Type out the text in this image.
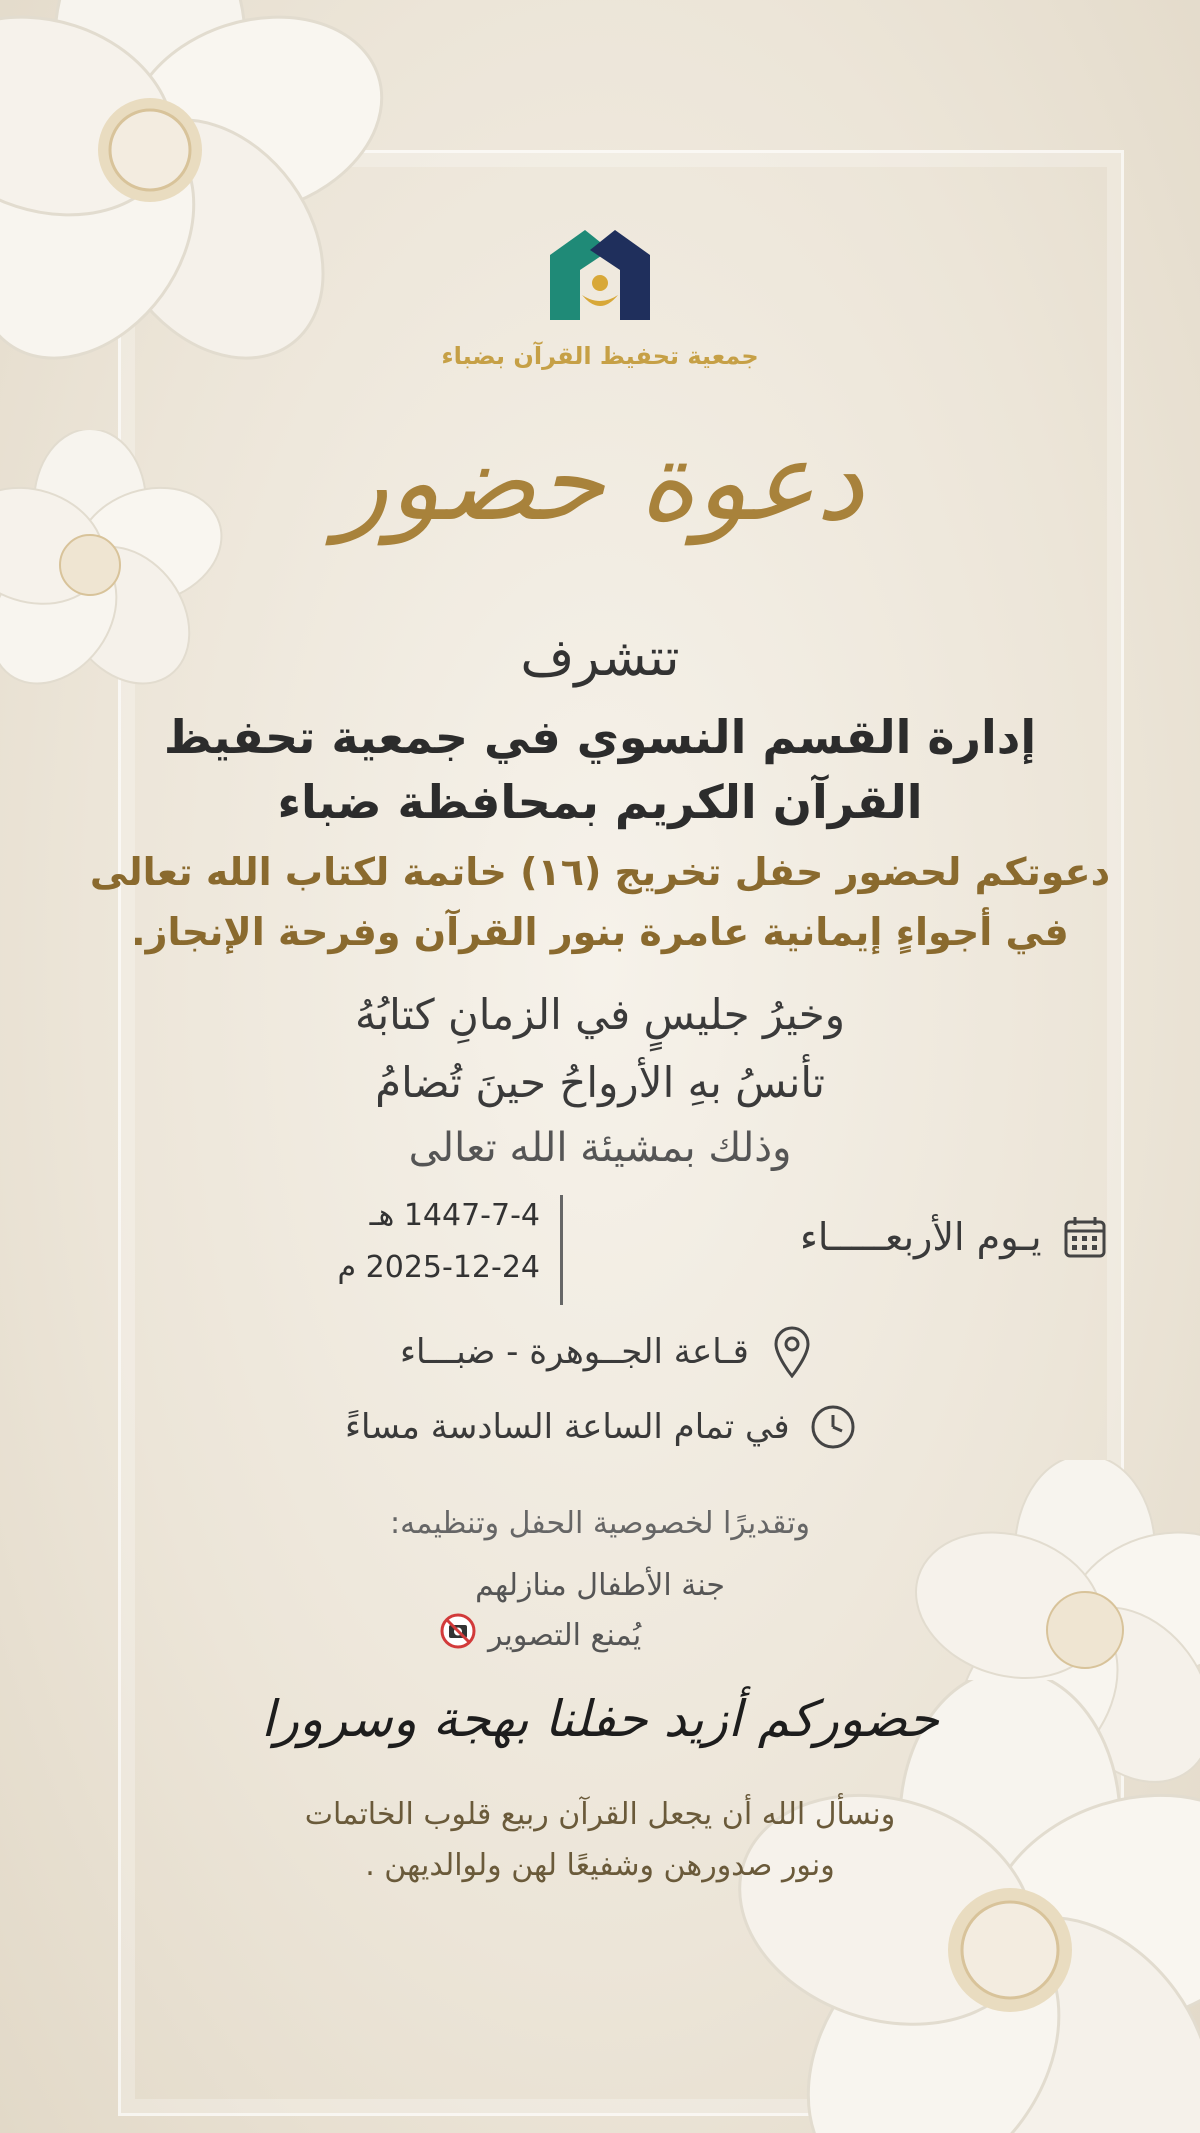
جمعية تحفيظ القرآن بضباء
دعوة حضور
تتشرف
إدارة القسم النسوي في جمعية تحفيظ
القرآن الكريم بمحافظة ضباء
دعوتكم لحضور حفل تخريج (١٦) خاتمة لكتاب الله تعالى
في أجواءٍ إيمانية عامرة بنور القرآن وفرحة الإنجاز.
وخيرُ جليسٍ في الزمانِ كتابُهُ
تأنسُ بهِ الأرواحُ حينَ تُضامُ
وذلك بمشيئة الله تعالى
يـوم الأربعـــــاء
1447-7-4 هـ
2025-12-24 م
قـاعة الجــوهرة - ضبـــاء
في تمام الساعة السادسة مساءً
وتقديرًا لخصوصية الحفل وتنظيمه:
جنة الأطفال منازلهم
يُمنع التصوير
حضوركم أزيد حفلنا بهجة وسرورا
ونسأل الله أن يجعل القرآن ربيع قلوب الخاتمات
ونور صدورهن وشفيعًا لهن ولوالديهن .
